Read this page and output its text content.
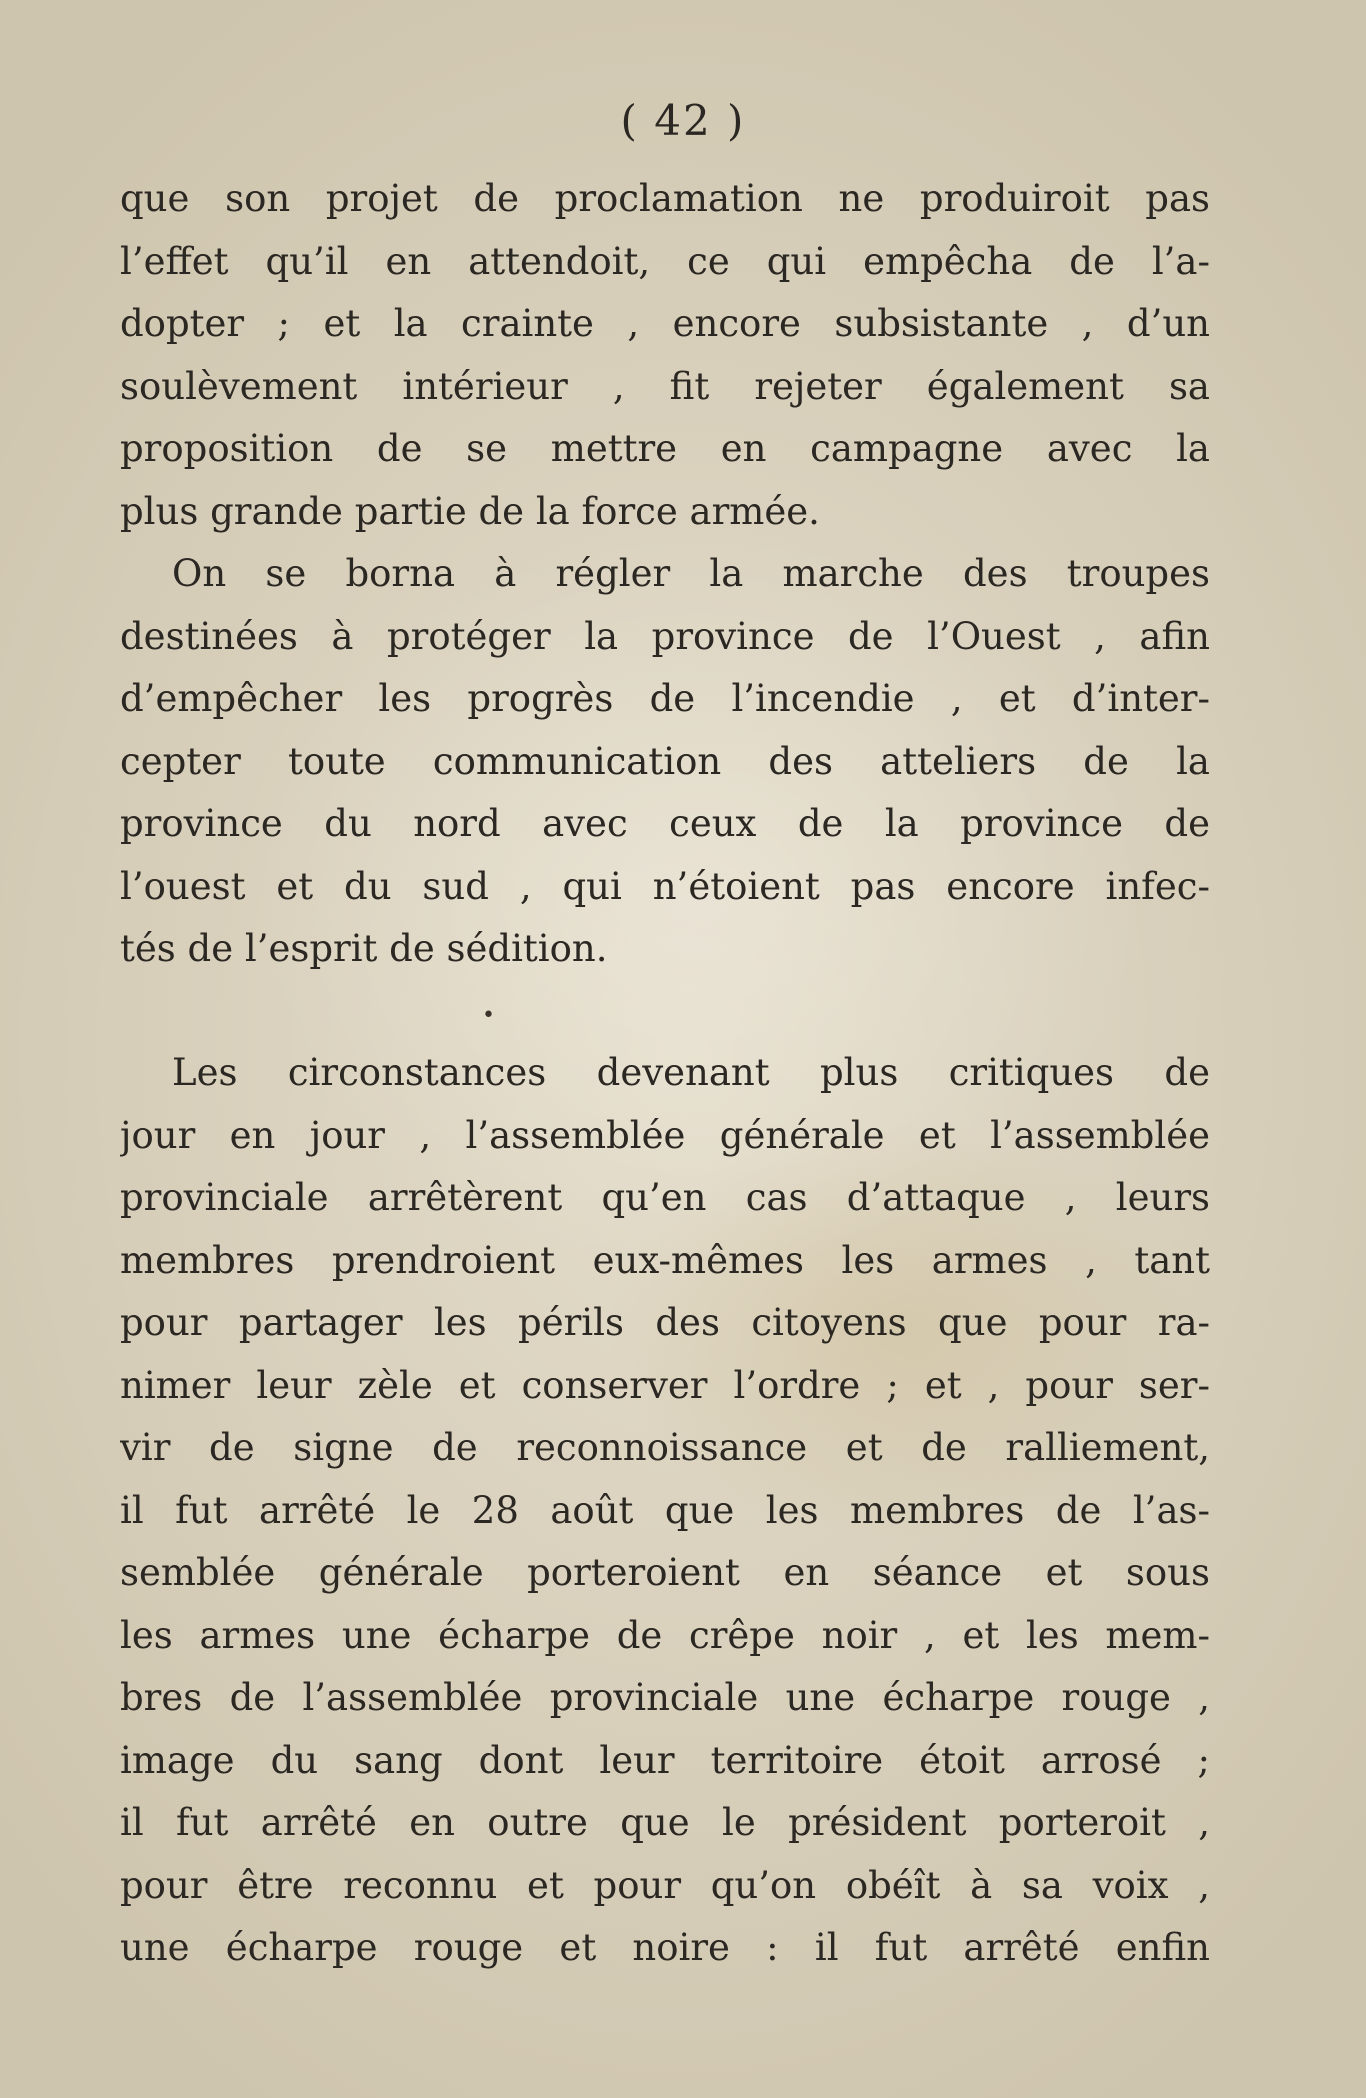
( 42 )
que son projet de proclamation ne produiroit pas
l’effet qu’il en attendoit, ce qui empêcha de l’a-
dopter ; et la crainte , encore subsistante , d’un
soulèvement intérieur , fit rejeter également sa
proposition de se mettre en campagne avec la
plus grande partie de la force armée.
On se borna à régler la marche des troupes
destinées à protéger la province de l’Ouest , afin
d’empêcher les progrès de l’incendie , et d’inter-
cepter toute communication des atteliers de la
province du nord avec ceux de la province de
l’ouest et du sud , qui n’étoient pas encore infec-
tés de l’esprit de sédition.
•
Les circonstances devenant plus critiques de
jour en jour , l’assemblée générale et l’assemblée
provinciale arrêtèrent qu’en cas d’attaque , leurs
membres prendroient eux-mêmes les armes , tant
pour partager les périls des citoyens que pour ra-
nimer leur zèle et conserver l’ordre ; et , pour ser-
vir de signe de reconnoissance et de ralliement,
il fut arrêté le 28 août que les membres de l’as-
semblée générale porteroient en séance et sous
les armes une écharpe de crêpe noir , et les mem-
bres de l’assemblée provinciale une écharpe rouge ,
image du sang dont leur territoire étoit arrosé ;
il fut arrêté en outre que le président porteroit ,
pour être reconnu et pour qu’on obéît à sa voix ,
une écharpe rouge et noire : il fut arrêté enfin
